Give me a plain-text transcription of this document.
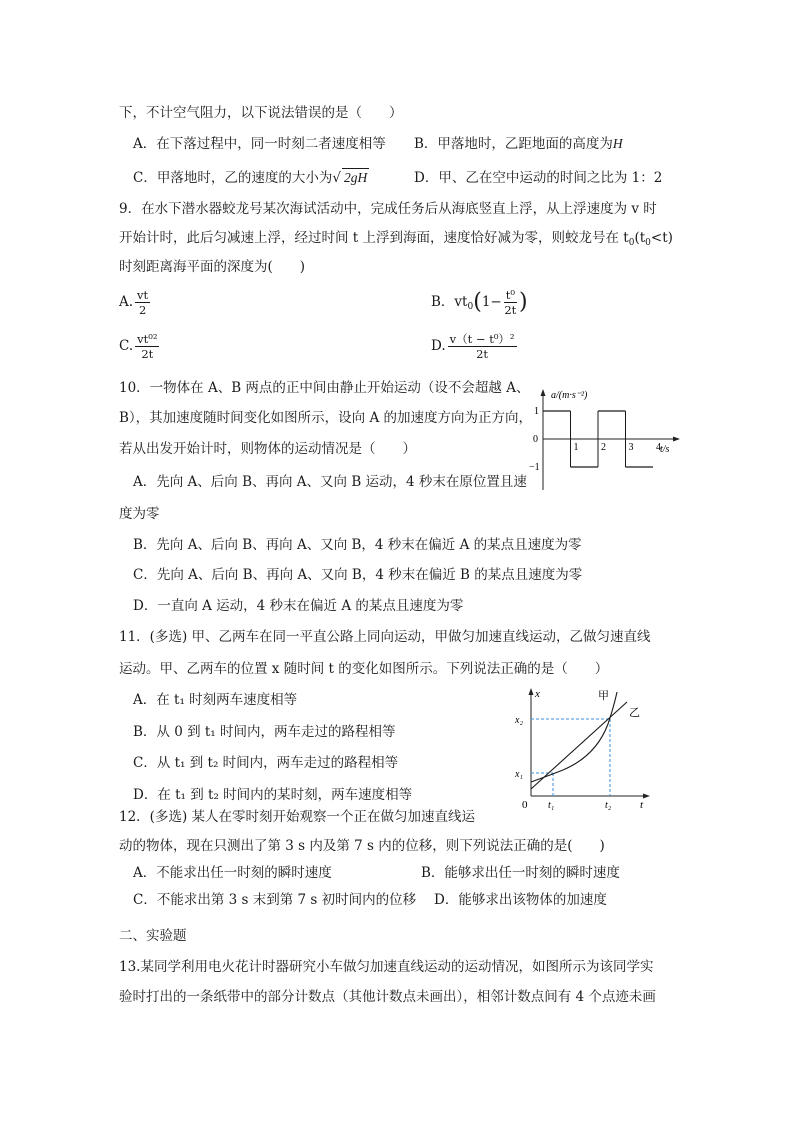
下，不计空气阻力，以下说法错误的是（　　）
A．在下落过程中，同一时刻二者速度相等 B．甲落地时，乙距地面的高度为H
C．甲落地时，乙的速度的大小为√ 2gH	D．甲、乙在空中运动的时间之比为 1：2
9．在水下潜水器蛟龙号某次海试活动中，完成任务后从海底竖直上浮，从上浮速度为 v 时
开始计时，此后匀减速上浮，经过时间 t 上浮到海面，速度恰好减为零，则蛟龙号在 $t_0(t_0<t)$
时刻距离海平面的深度为(　　)
A. $\frac{vt}{2}$	B．$vt_0(1- \frac{\text{t⁰}}{2t}$ )
C. $\frac{\text{vt⁰²}}{2t}$	D. $\frac{\text{v（t − t⁰）²}}{2t}$
10．一物体在 A、B 两点的正中间由静止开始运动（设不会超越 A、
B），其加速度随时间变化如图所示，设向 A 的加速度方向为正方向，
若从出发开始计时，则物体的运动情况是（　　）
A．先向 A、后向 B、再向 A、又向 B 运动，4 秒末在原位置且速
度为零
B．先向 A、后向 B、再向 A、又向 B，4 秒末在偏近 A 的某点且速度为零
C．先向 A、后向 B、再向 A、又向 B，4 秒末在偏近 B 的某点且速度为零
D．一直向 A 运动，4 秒末在偏近 A 的某点且速度为零
a/(m·s⁻²)
t/s
1
−1
0
1 2 3 4
11．(多选) 甲、乙两车在同一平直公路上同向运动，甲做匀加速直线运动，乙做匀速直线
运动。甲、乙两车的位置 x 随时间 t 的变化如图所示。下列说法正确的是（　　）
A．在 t₁ 时刻两车速度相等
B．从 0 到 t₁ 时间内，两车走过的路程相等
C．从 t₁ 到 t₂ 时间内，两车走过的路程相等
D．在 t₁ 到 t₂ 时间内的某时刻，两车速度相等
x
t
0
x₁
x₂
t₁	t₂
甲
乙
12．(多选) 某人在零时刻开始观察一个正在做匀加速直线运
动的物体，现在只测出了第 3 s 内及第 7 s 内的位移，则下列说法正确的是(　　)
A．不能求出任一时刻的瞬时速度	B．能够求出任一时刻的瞬时速度
C．不能求出第 3 s 末到第 7 s 初时间内的位移 D．能够求出该物体的加速度
二、实验题
13.某同学利用电火花计时器研究小车做匀加速直线运动的运动情况，如图所示为该同学实
验时打出的一条纸带中的部分计数点（其他计数点未画出），相邻计数点间有 4 个点迹未画
